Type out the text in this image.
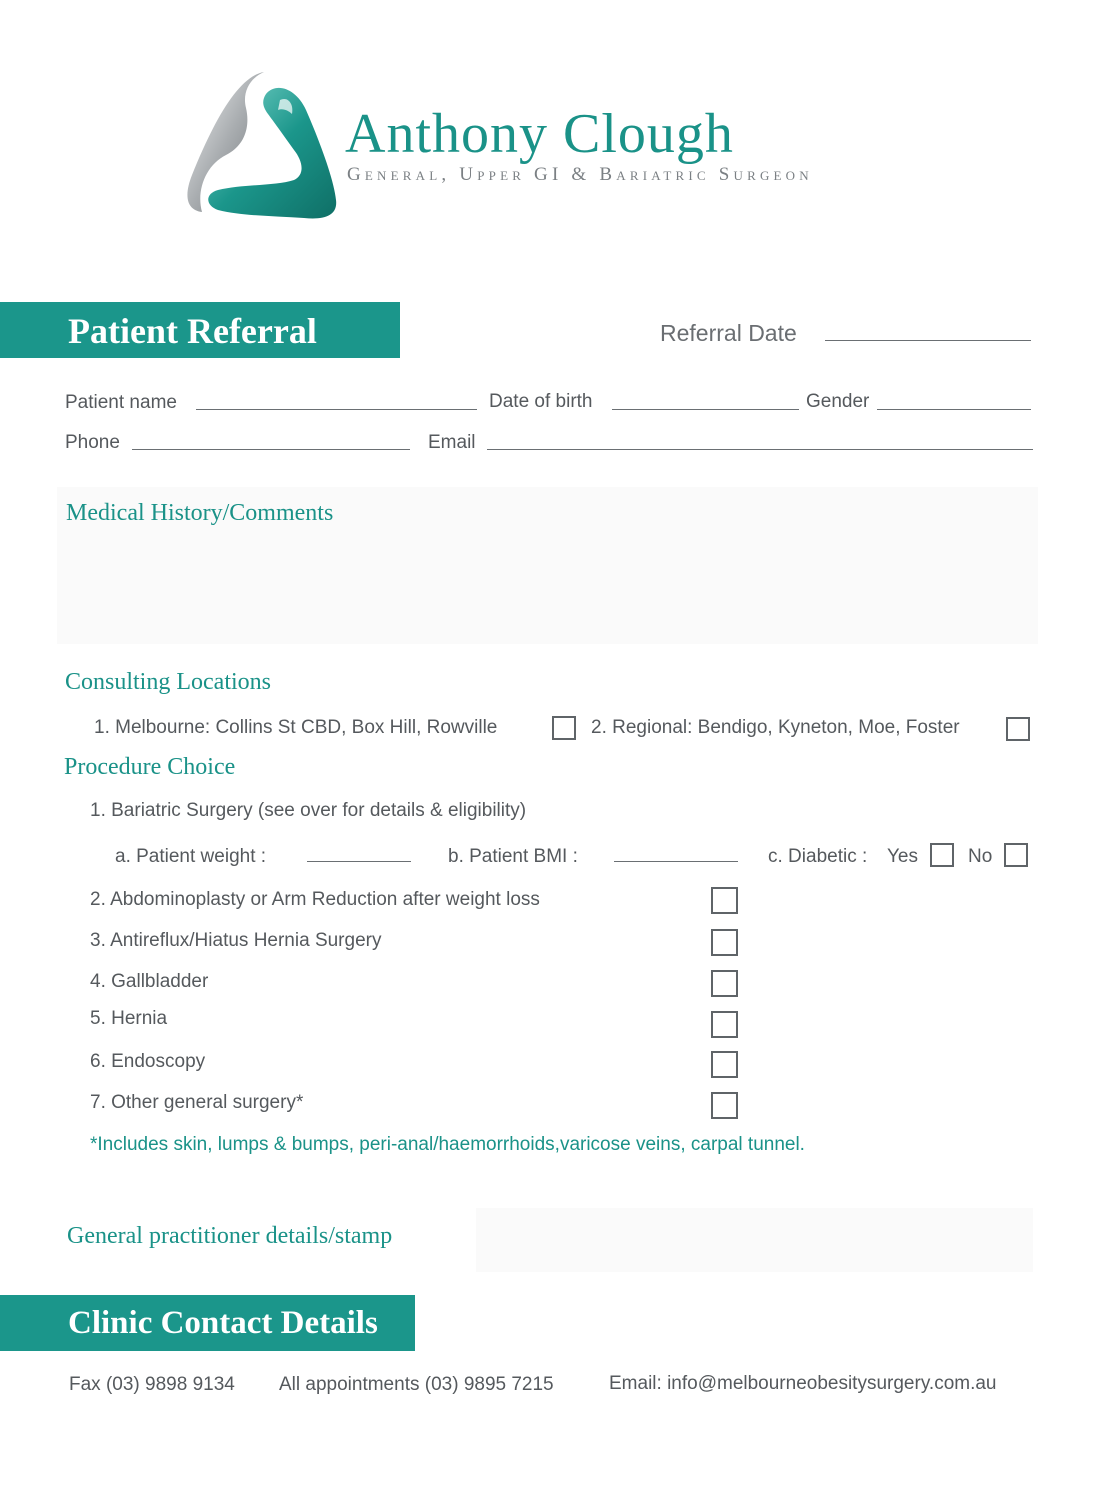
Anthony Clough
General, Upper GI & Bariatric Surgeon
Patient Referral	Referral Date
Patient name	Date of birth	Gender
Phone	Email
Medical History/Comments
Consulting Locations
1. Melbourne: Collins St CBD, Box Hill, Rowville	2. Regional: Bendigo, Kyneton, Moe, Foster
Procedure Choice
1. Bariatric Surgery (see over for details & eligibility)
a. Patient weight :	b. Patient BMI :	c. Diabetic : Yes	No
2. Abdominoplasty or Arm Reduction after weight loss
3. Antireflux/Hiatus Hernia Surgery
4. Gallbladder
5. Hernia
6. Endoscopy
7. Other general surgery*
*Includes skin, lumps & bumps, peri-anal/haemorrhoids,varicose veins, carpal tunnel.
General practitioner details/stamp
Clinic Contact Details
Fax (03) 9898 9134 All appointments (03) 9895 7215	Email: info@melbourneobesitysurgery.com.au
